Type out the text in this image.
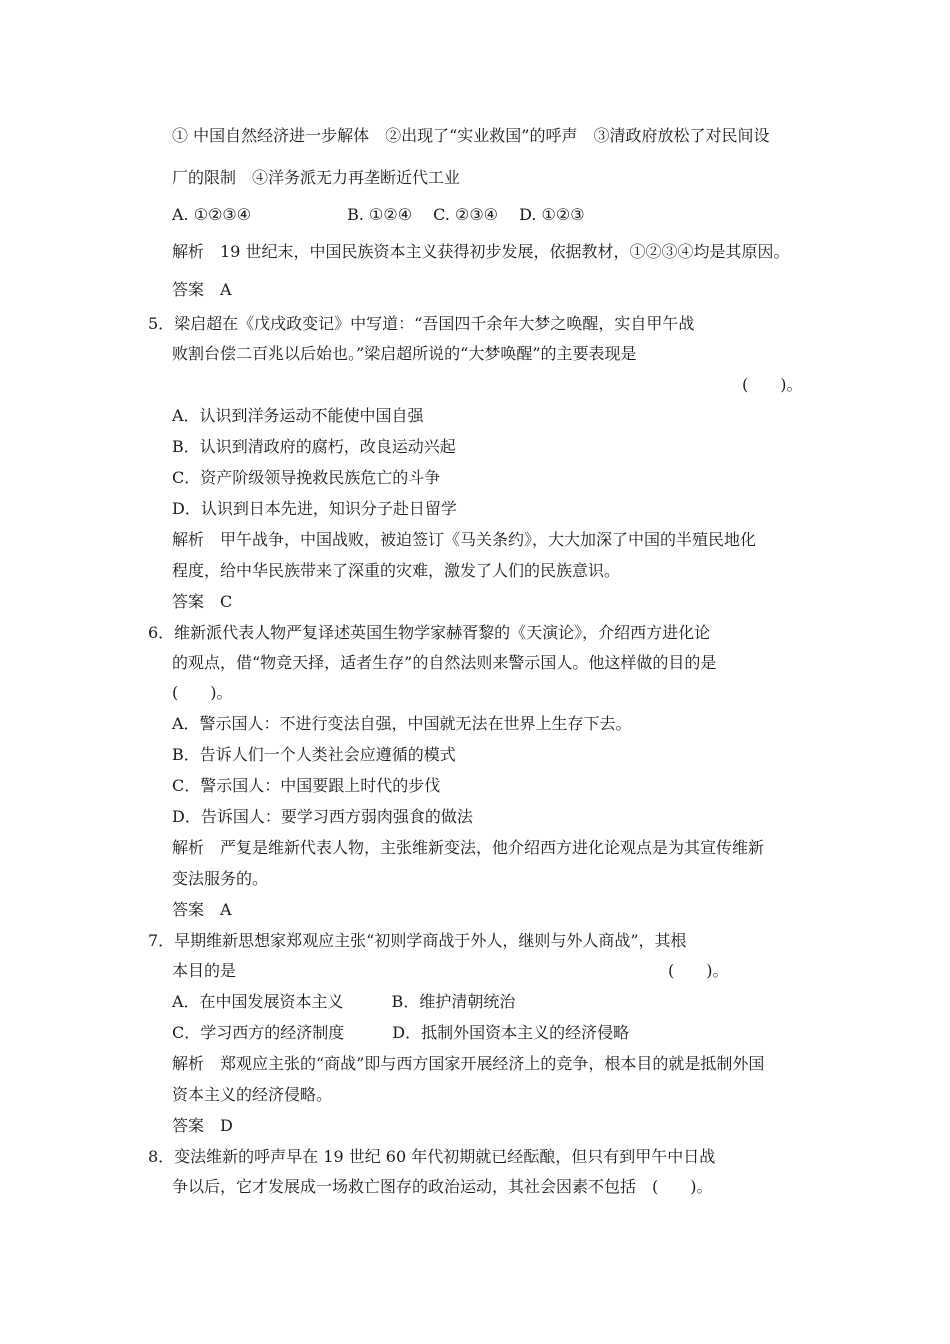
① 中国自然经济进一步解体　②出现了“实业救国”的呼声　③清政府放松了对民间设
厂的限制　④洋务派无力再垄断近代工业
A. ①②③④　　　　　　B. ①②④　 C. ②③④　 D. ①②③
解析　19 世纪末，中国民族资本主义获得初步发展，依据教材，①②③④均是其原因。
答案　A
5．梁启超在《戊戌政变记》中写道：“吾国四千余年大梦之唤醒，实自甲午战
败割台偿二百兆以后始也。”梁启超所说的“大梦唤醒”的主要表现是
(　　)。
A．认识到洋务运动不能使中国自强
B．认识到清政府的腐朽，改良运动兴起
C．资产阶级领导挽救民族危亡的斗争
D．认识到日本先进，知识分子赴日留学
解析　甲午战争，中国战败，被迫签订《马关条约》，大大加深了中国的半殖民地化
程度，给中华民族带来了深重的灾难，激发了人们的民族意识。
答案　C
6．维新派代表人物严复译述英国生物学家赫胥黎的《天演论》，介绍西方进化论
的观点，借“物竞天择，适者生存”的自然法则来警示国人。他这样做的目的是
(　　)。
A．警示国人：不进行变法自强，中国就无法在世界上生存下去。
B．告诉人们一个人类社会应遵循的模式
C．警示国人：中国要跟上时代的步伐
D．告诉国人：要学习西方弱肉强食的做法
解析　严复是维新代表人物，主张维新变法，他介绍西方进化论观点是为其宣传维新
变法服务的。
答案　A
7．早期维新思想家郑观应主张“初则学商战于外人，继则与外人商战”，其根
本目的是	(　　)。
A．在中国发展资本主义　　　B．维护清朝统治
C．学习西方的经济制度　　　D．抵制外国资本主义的经济侵略
解析　郑观应主张的“商战”即与西方国家开展经济上的竞争，根本目的就是抵制外国
资本主义的经济侵略。
答案　D
8．变法维新的呼声早在 19 世纪 60 年代初期就已经酝酿，但只有到甲午中日战
争以后，它才发展成一场救亡图存的政治运动，其社会因素不包括　(　　)。
